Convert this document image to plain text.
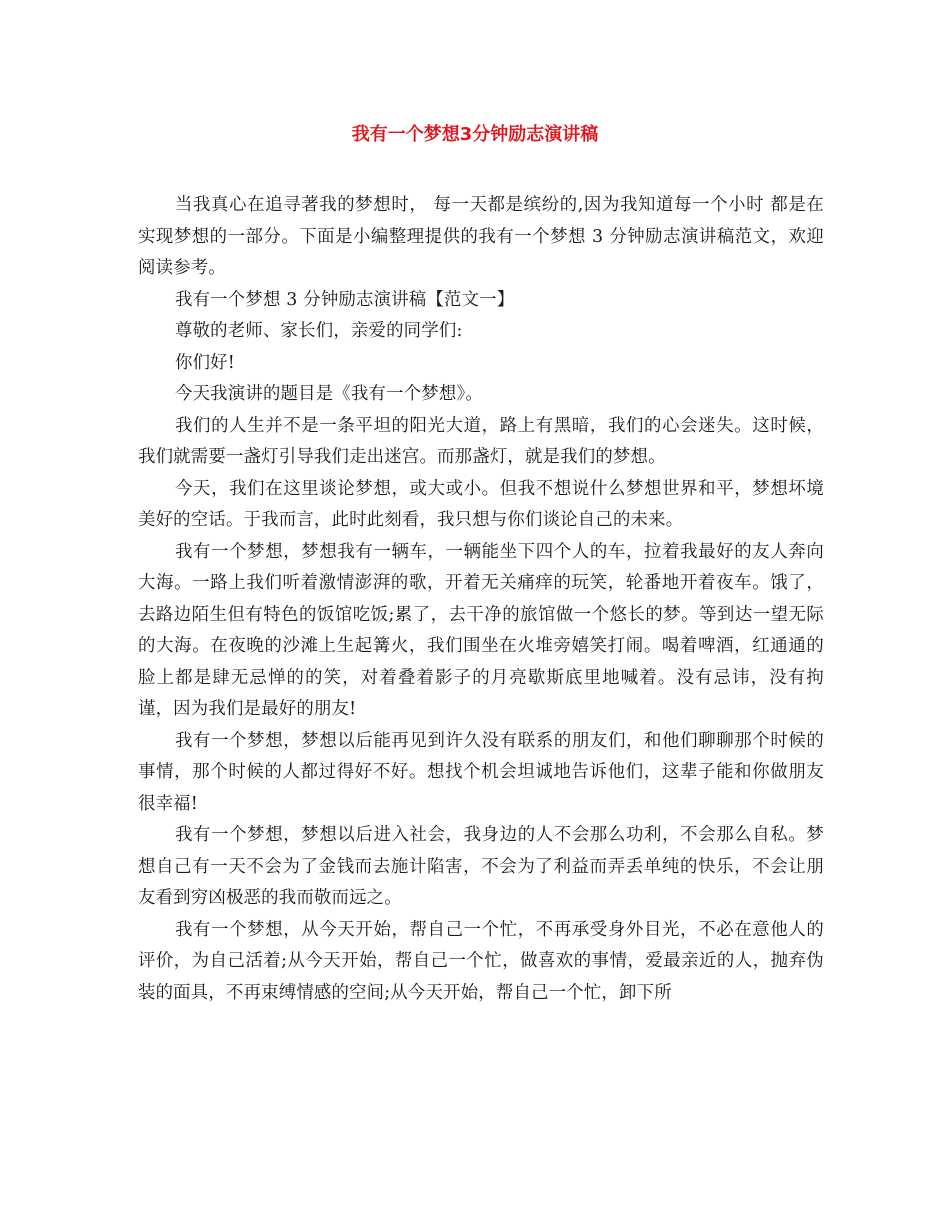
我有一个梦想3分钟励志演讲稿

当我真心在追寻著我的梦想时， 每一天都是缤纷的,因为我知道每一个小时 都是在实现梦想的一部分。下面是小编整理提供的我有一个梦想 3 分钟励志演讲稿范文，欢迎阅读参考。

我有一个梦想 3 分钟励志演讲稿【范文一】

尊敬的老师、家长们，亲爱的同学们:

你们好!

今天我演讲的题目是《我有一个梦想》。

我们的人生并不是一条平坦的阳光大道，路上有黑暗，我们的心会迷失。这时候，我们就需要一盏灯引导我们走出迷宫。而那盏灯，就是我们的梦想。

今天，我们在这里谈论梦想，或大或小。但我不想说什么梦想世界和平，梦想坏境美好的空话。于我而言，此时此刻看，我只想与你们谈论自己的未来。

我有一个梦想，梦想我有一辆车，一辆能坐下四个人的车，拉着我最好的友人奔向大海。一路上我们听着激情澎湃的歌，开着无关痛痒的玩笑，轮番地开着夜车。饿了，去路边陌生但有特色的饭馆吃饭;累了，去干净的旅馆做一个悠长的梦。等到达一望无际的大海。在夜晚的沙滩上生起篝火，我们围坐在火堆旁嬉笑打闹。喝着啤酒，红通通的脸上都是肆无忌惮的的笑，对着叠着影子的月亮歇斯底里地喊着。没有忌讳，没有拘谨，因为我们是最好的朋友!

我有一个梦想，梦想以后能再见到许久没有联系的朋友们，和他们聊聊那个时候的事情，那个时候的人都过得好不好。想找个机会坦诚地告诉他们，这辈子能和你做朋友很幸福!

我有一个梦想，梦想以后进入社会，我身边的人不会那么功利，不会那么自私。梦想自己有一天不会为了金钱而去施计陷害，不会为了利益而弄丢单纯的快乐，不会让朋友看到穷凶极恶的我而敬而远之。

我有一个梦想，从今天开始，帮自己一个忙，不再承受身外目光，不必在意他人的评价，为自己活着;从今天开始，帮自己一个忙，做喜欢的事情，爱最亲近的人，抛弃伪装的面具，不再束缚情感的空间;从今天开始，帮自己一个忙，卸下所
